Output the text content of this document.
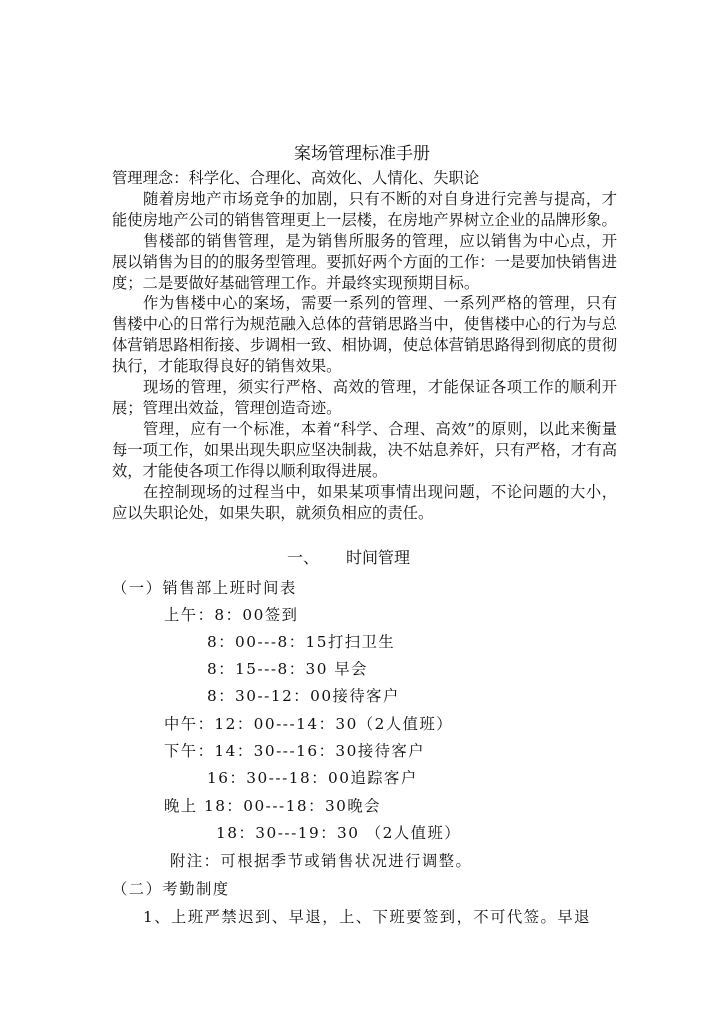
案场管理标准手册

管理理念：科学化、合理化、高效化、人情化、失职论

随着房地产市场竞争的加剧，只有不断的对自身进行完善与提高，才能使房地产公司的销售管理更上一层楼，在房地产界树立企业的品牌形象。

售楼部的销售管理，是为销售所服务的管理，应以销售为中心点，开展以销售为目的的服务型管理。要抓好两个方面的工作：一是要加快销售进度；二是要做好基础管理工作。并最终实现预期目标。

作为售楼中心的案场，需要一系列的管理、一系列严格的管理，只有售楼中心的日常行为规范融入总体的营销思路当中，使售楼中心的行为与总体营销思路相衔接、步调相一致、相协调，使总体营销思路得到彻底的贯彻执行，才能取得良好的销售效果。

现场的管理，须实行严格、高效的管理，才能保证各项工作的顺利开展；管理出效益，管理创造奇迹。

管理，应有一个标准，本着“科学、合理、高效”的原则，以此来衡量每一项工作，如果出现失职应坚决制裁，决不姑息养奸，只有严格，才有高效，才能使各项工作得以顺利取得进展。

在控制现场的过程当中，如果某项事情出现问题，不论问题的大小，应以失职论处，如果失职，就须负相应的责任。

一、 时间管理
（一）销售部上班时间表
上午：8：00签到
8：00---8：15打扫卫生
8：15---8：30 早会
8：30--12：00接待客户
中午：12：00---14：30（2人值班）
下午：14：30---16：30接待客户
16：30---18：00追踪客户
晚上 18：00---18：30晚会
18：30---19：30 （2人值班）
附注：可根据季节或销售状况进行调整。
（二）考勤制度
1、上班严禁迟到、早退，上、下班要签到，不可代签。早退
